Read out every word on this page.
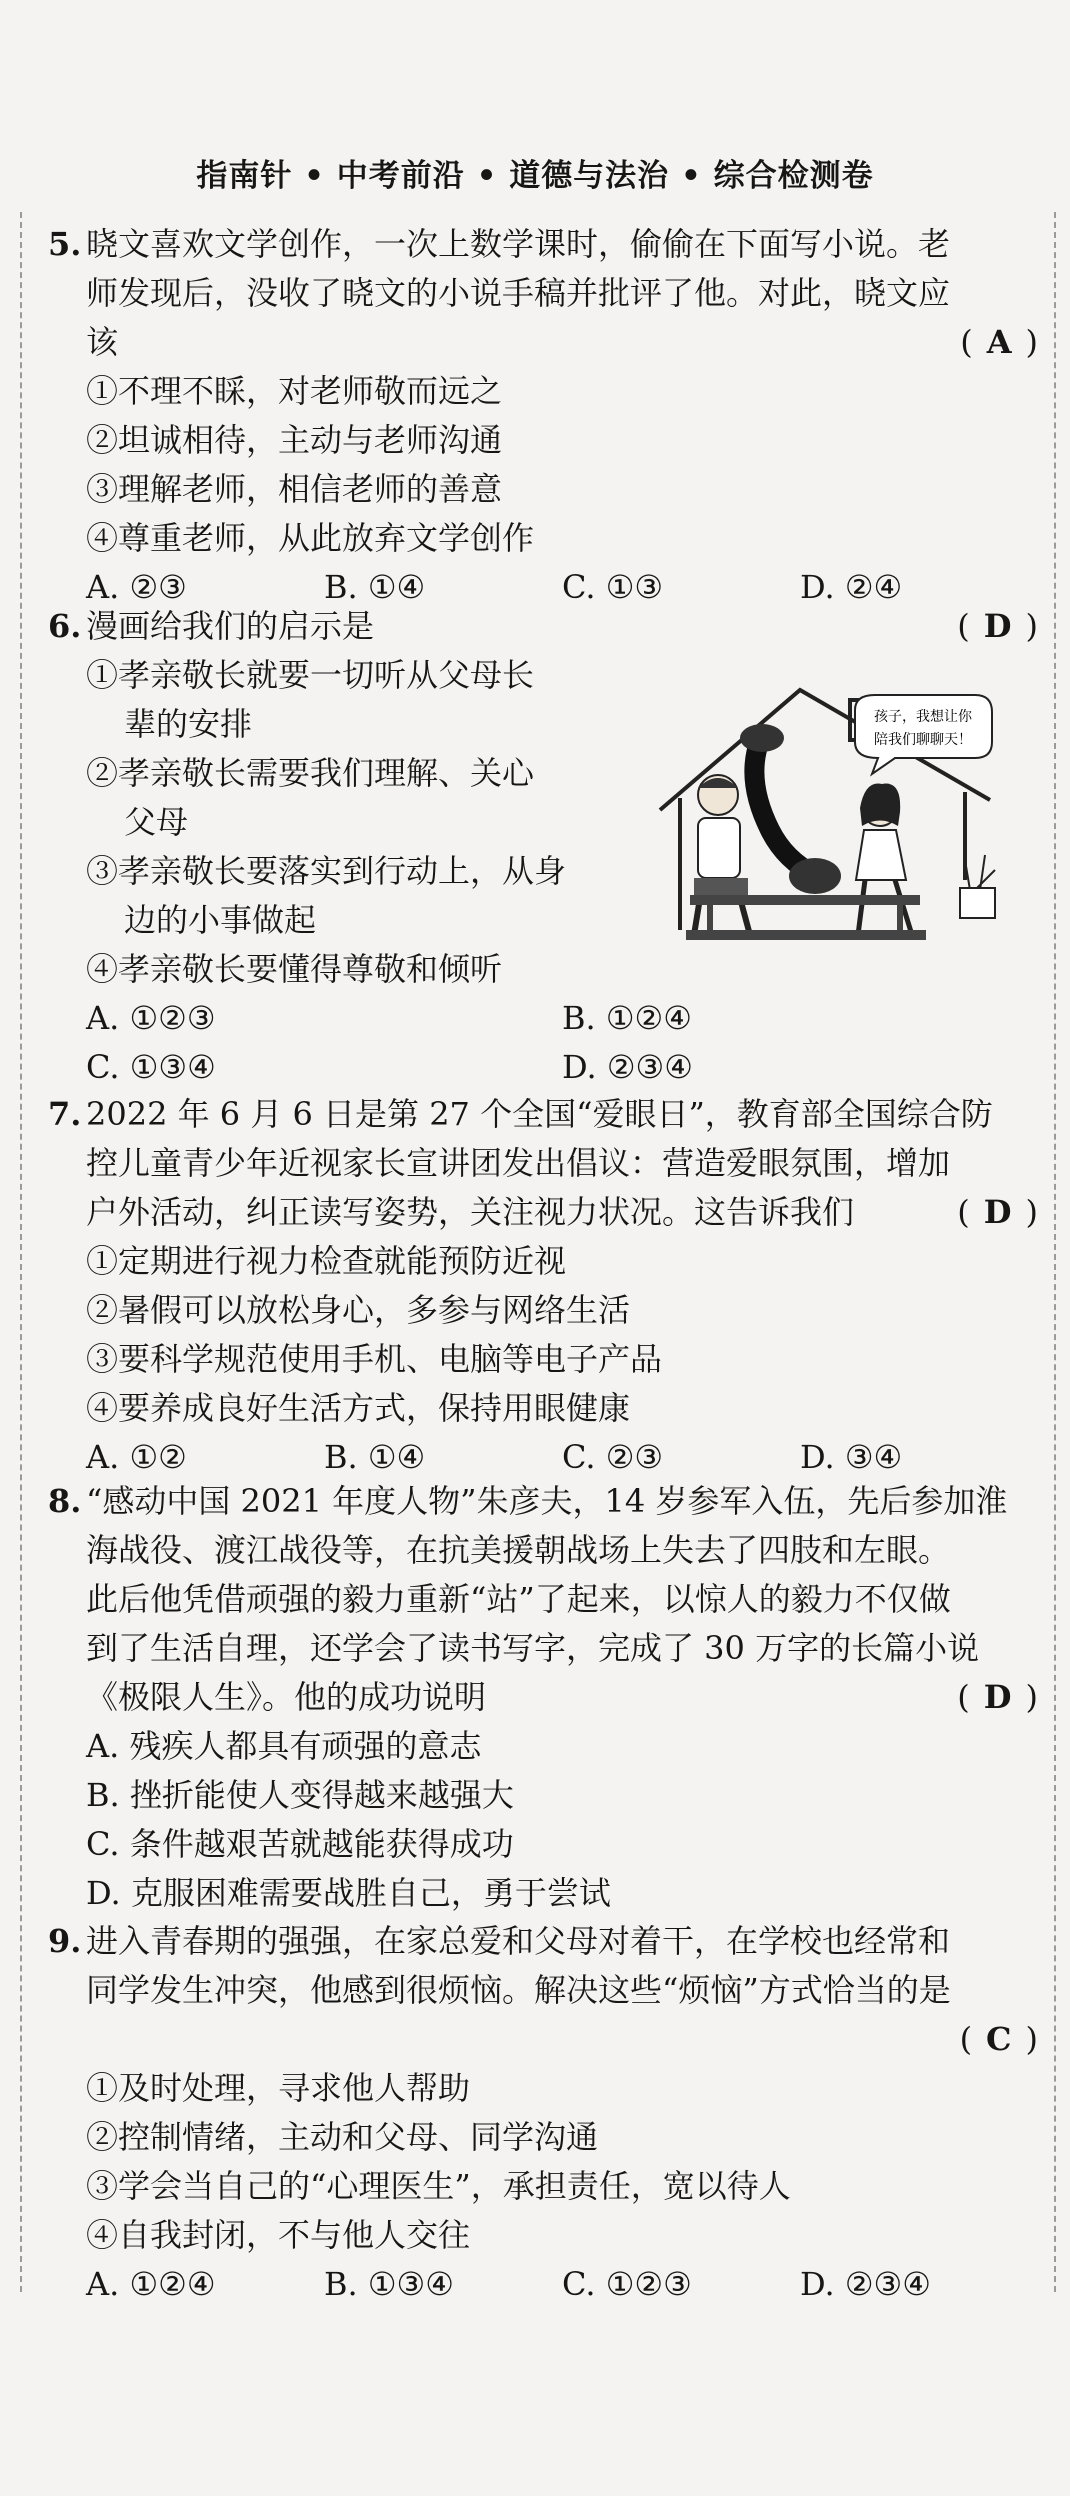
指南针 • 中考前沿 • 道德与法治 • 综合检测卷
5. 晓文喜欢文学创作，一次上数学课时，偷偷在下面写小说。老
师发现后，没收了晓文的小说手稿并批评了他。对此，晓文应
该	( A )
①不理不睬，对老师敬而远之
②坦诚相待，主动与老师沟通
③理解老师，相信老师的善意
④尊重老师，从此放弃文学创作
A. ②③	B. ①④	C. ①③	D. ②④
6. 漫画给我们的启示是	( D )
①孝亲敬长就要一切听从父母长
辈的安排
②孝亲敬长需要我们理解、关心
父母
③孝亲敬长要落实到行动上，从身
边的小事做起
④孝亲敬长要懂得尊敬和倾听
A. ①②③	B. ①②④
C. ①③④	D. ②③④
孩子，我想让你
陪我们聊聊天！
7. 2022 年 6 月 6 日是第 27 个全国“爱眼日”，教育部全国综合防
控儿童青少年近视家长宣讲团发出倡议：营造爱眼氛围，增加
户外活动，纠正读写姿势，关注视力状况。这告诉我们	( D )
①定期进行视力检查就能预防近视
②暑假可以放松身心，多参与网络生活
③要科学规范使用手机、电脑等电子产品
④要养成良好生活方式，保持用眼健康
A. ①②	B. ①④	C. ②③	D. ③④
8. “感动中国 2021 年度人物”朱彦夫，14 岁参军入伍，先后参加淮
海战役、渡江战役等，在抗美援朝战场上失去了四肢和左眼。
此后他凭借顽强的毅力重新“站”了起来，以惊人的毅力不仅做
到了生活自理，还学会了读书写字，完成了 30 万字的长篇小说
《极限人生》。他的成功说明	( D )
A. 残疾人都具有顽强的意志
B. 挫折能使人变得越来越强大
C. 条件越艰苦就越能获得成功
D. 克服困难需要战胜自己，勇于尝试
9. 进入青春期的强强，在家总爱和父母对着干，在学校也经常和
同学发生冲突，他感到很烦恼。解决这些“烦恼”方式恰当的是
( C )
①及时处理，寻求他人帮助
②控制情绪，主动和父母、同学沟通
③学会当自己的“心理医生”，承担责任，宽以待人
④自我封闭，不与他人交往
A. ①②④	B. ①③④	C. ①②③	D. ②③④
